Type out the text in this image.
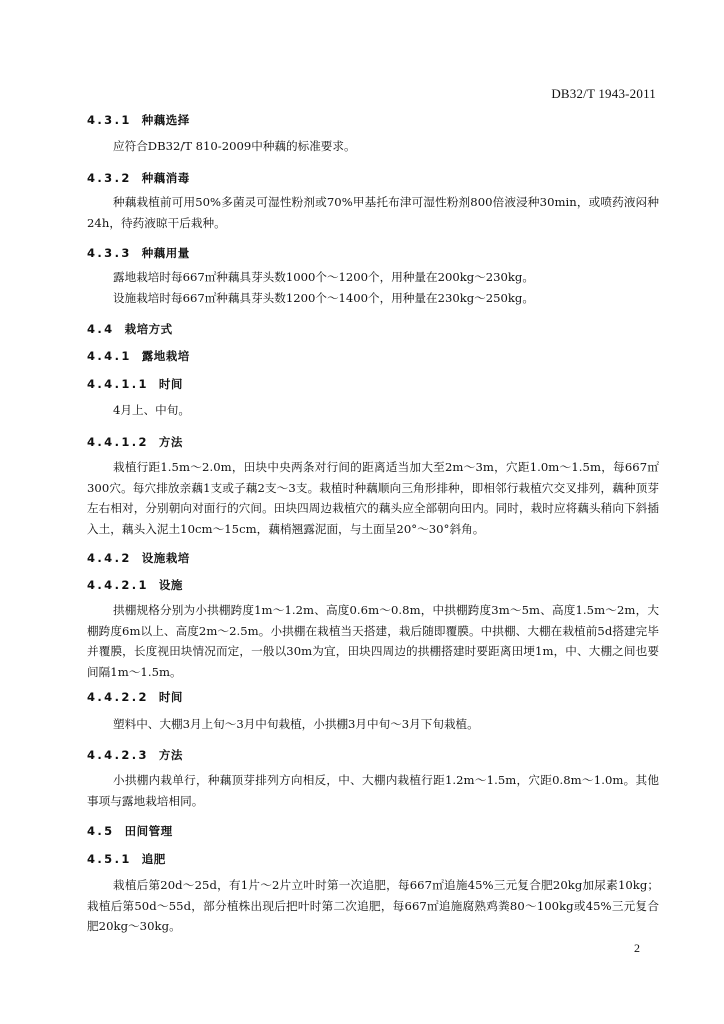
DB32/T 1943-2011
4.3.1 种藕选择
应符合DB32/T 810-2009中种藕的标准要求。
4.3.2 种藕消毒
种藕栽植前可用50%多菌灵可湿性粉剂或70%甲基托布津可湿性粉剂800倍液浸种30min，或喷药液闷种24h，待药液晾干后栽种。
4.3.3 种藕用量
露地栽培时每667㎡种藕具芽头数1000个～1200个，用种量在200kg～230kg。
设施栽培时每667㎡种藕具芽头数1200个～1400个，用种量在230kg～250kg。
4.4 栽培方式
4.4.1 露地栽培
4.4.1.1 时间
4月上、中旬。
4.4.1.2 方法
栽植行距1.5m～2.0m，田块中央两条对行间的距离适当加大至2m～3m，穴距1.0m～1.5m，每667㎡300穴。每穴排放亲藕1支或子藕2支～3支。栽植时种藕顺向三角形排种，即相邻行栽植穴交叉排列，藕种顶芽左右相对，分别朝向对面行的穴间。田块四周边栽植穴的藕头应全部朝向田内。同时，栽时应将藕头稍向下斜插入土，藕头入泥土10cm～15cm，藕梢翘露泥面，与土面呈20°～30°斜角。
4.4.2 设施栽培
4.4.2.1 设施
拱棚规格分别为小拱棚跨度1m～1.2m、高度0.6m～0.8m，中拱棚跨度3m～5m、高度1.5m～2m，大棚跨度6m以上、高度2m～2.5m。小拱棚在栽植当天搭建，栽后随即覆膜。中拱棚、大棚在栽植前5d搭建完毕并覆膜，长度视田块情况而定，一般以30m为宜，田块四周边的拱棚搭建时要距离田埂1m，中、大棚之间也要间隔1m～1.5m。
4.4.2.2 时间
塑料中、大棚3月上旬～3月中旬栽植，小拱棚3月中旬～3月下旬栽植。
4.4.2.3 方法
小拱棚内栽单行，种藕顶芽排列方向相反，中、大棚内栽植行距1.2m～1.5m，穴距0.8m～1.0m。其他事项与露地栽培相同。
4.5 田间管理
4.5.1 追肥
栽植后第20d～25d，有1片～2片立叶时第一次追肥，每667㎡追施45%三元复合肥20kg加尿素10kg；栽植后第50d～55d，部分植株出现后把叶时第二次追肥，每667㎡追施腐熟鸡粪80～100kg或45%三元复合肥20kg～30kg。
2
